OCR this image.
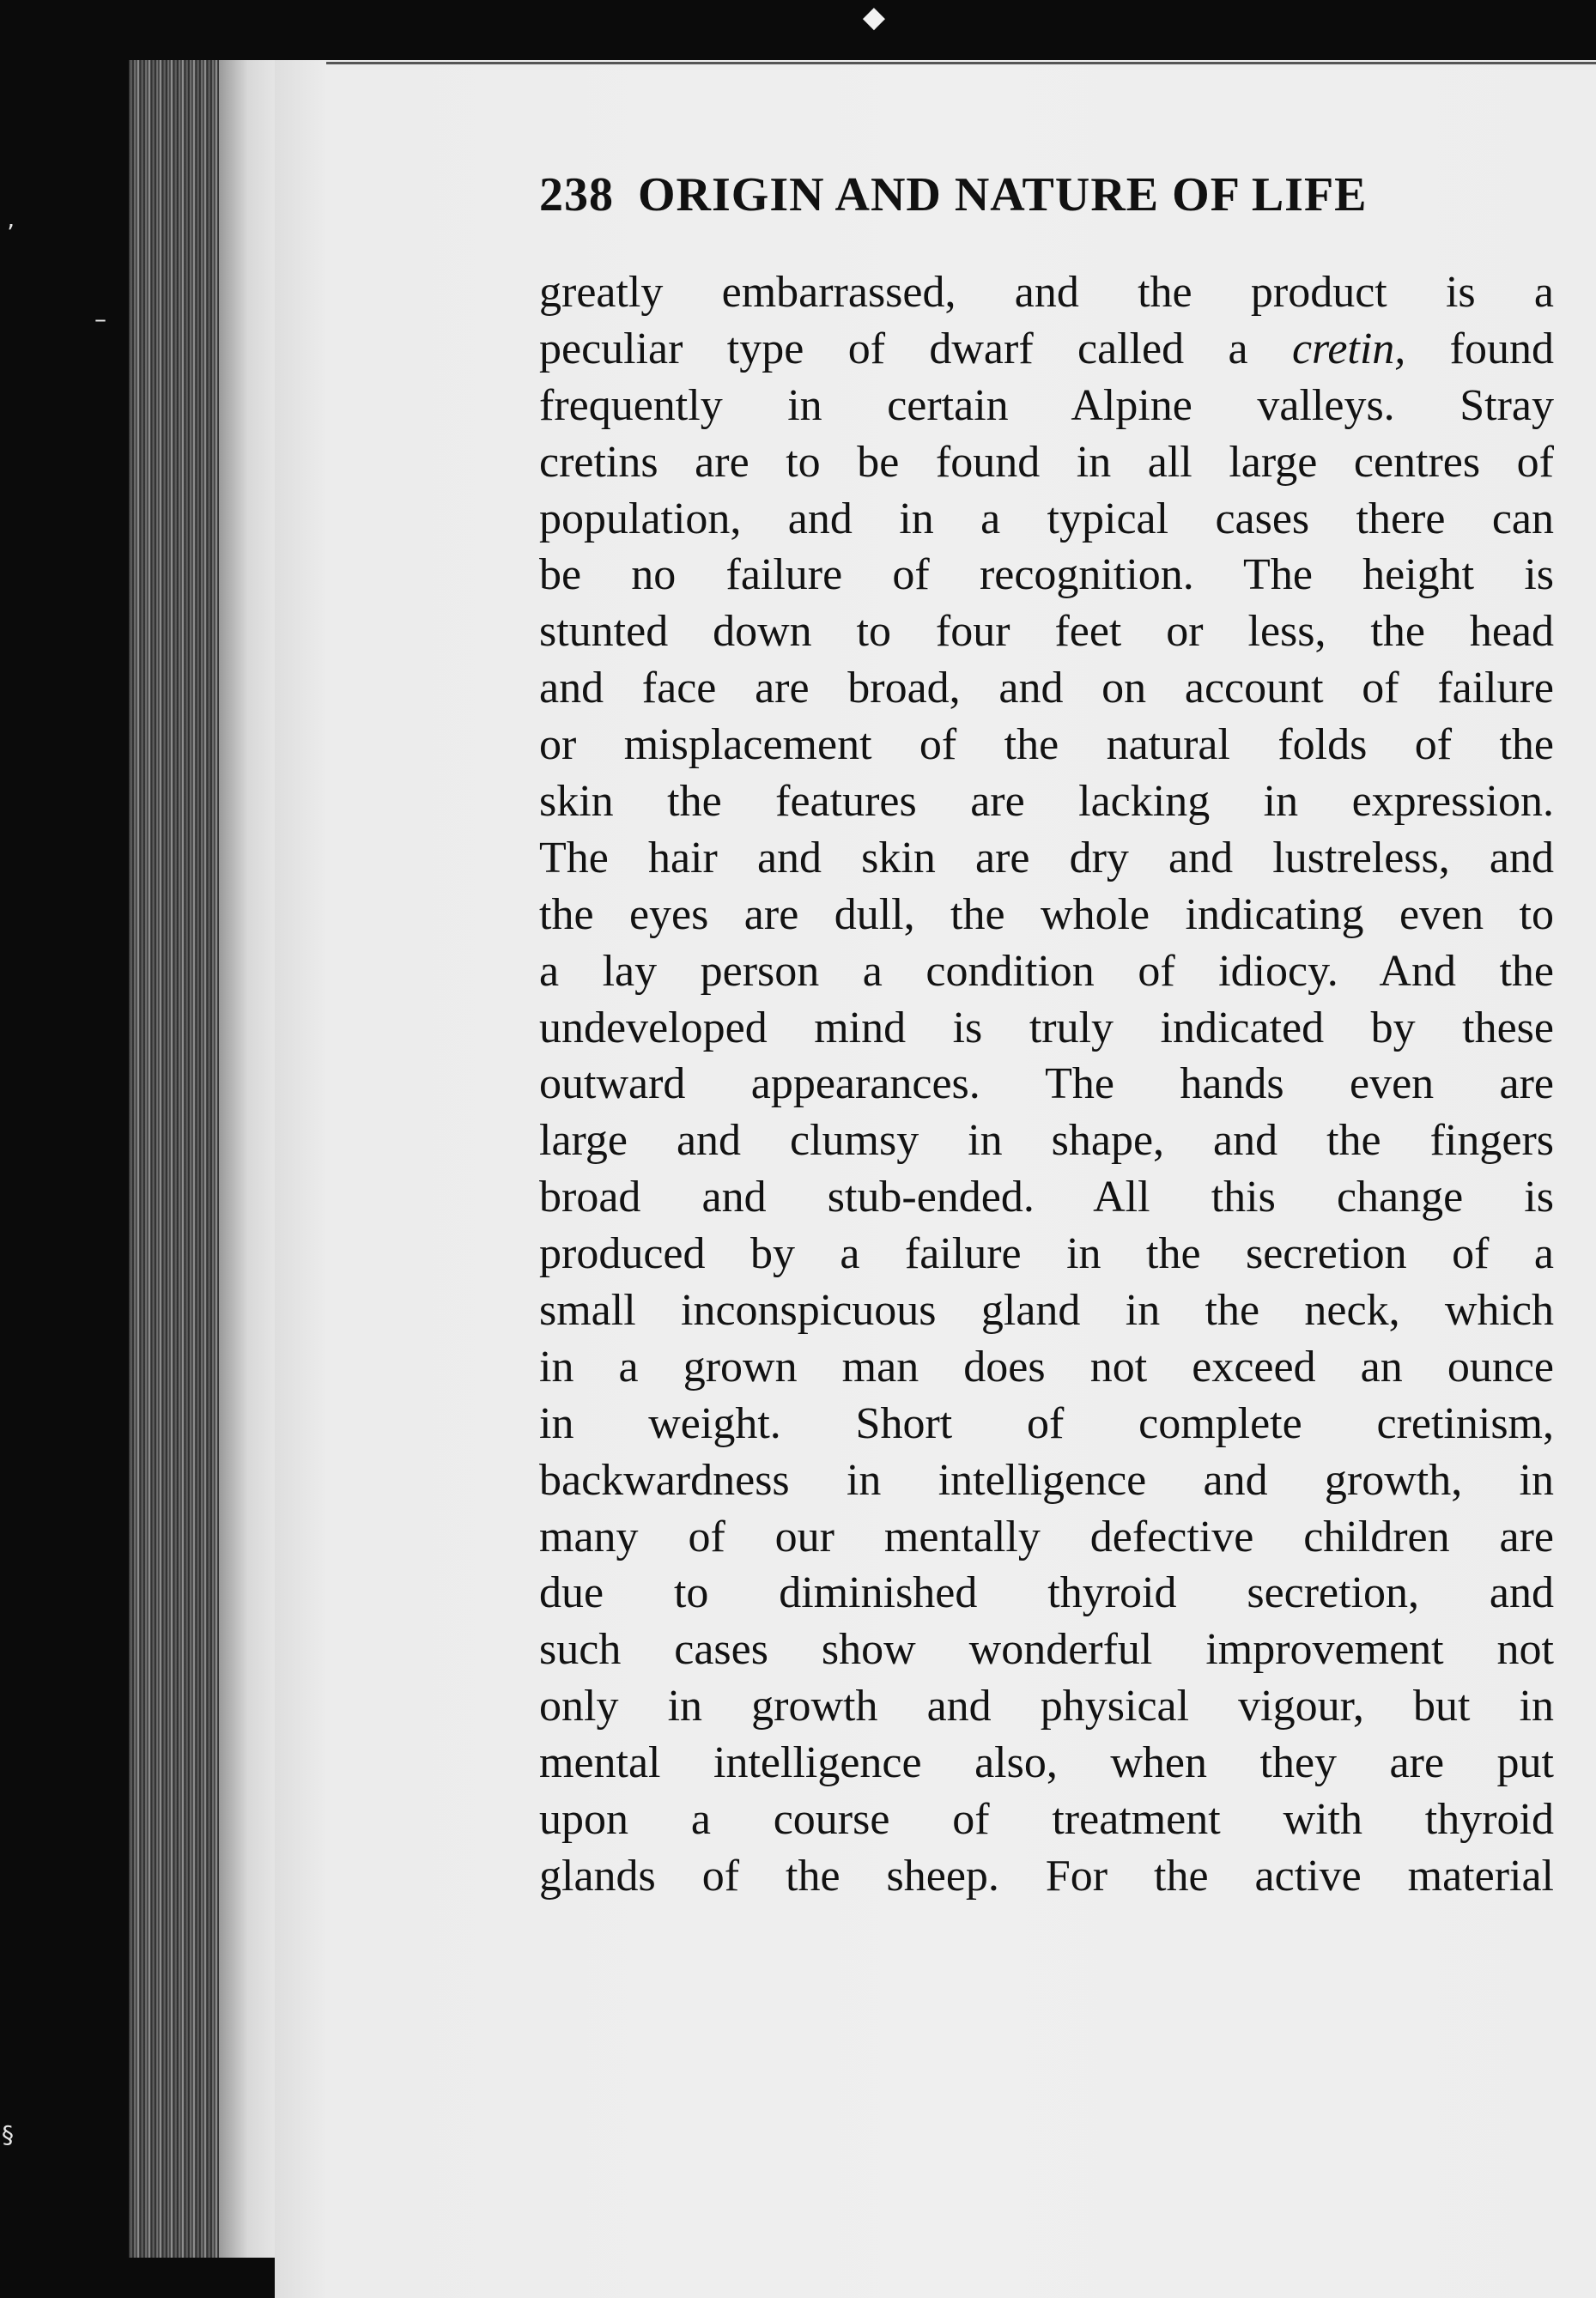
◆
’
–
§
238 ORIGIN AND NATURE OF LIFE
greatly embarrassed, and the product is a
peculiar type of dwarf called a cretin, found
frequently in certain Alpine valleys. Stray
cretins are to be found in all large centres of
population, and in a typical cases there can
be no failure of recognition. The height is
stunted down to four feet or less, the head
and face are broad, and on account of failure
or misplacement of the natural folds of the
skin the features are lacking in expression.
The hair and skin are dry and lustreless, and
the eyes are dull, the whole indicating even to
a lay person a condition of idiocy. And the
undeveloped mind is truly indicated by these
outward appearances. The hands even are
large and clumsy in shape, and the fingers
broad and stub-ended. All this change is
produced by a failure in the secretion of a
small inconspicuous gland in the neck, which
in a grown man does not exceed an ounce
in weight. Short of complete cretinism,
backwardness in intelligence and growth, in
many of our mentally defective children are
due to diminished thyroid secretion, and
such cases show wonderful improvement not
only in growth and physical vigour, but in
mental intelligence also, when they are put
upon a course of treatment with thyroid
glands of the sheep. For the active material
